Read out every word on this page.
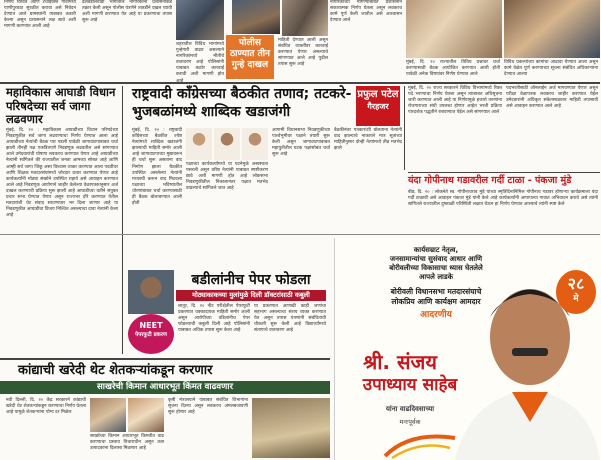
निर्णय घ्यावेत आणि टंचाईग्रस्त गावांमध्ये पाणीपुरवठा सुरळीत करावा असे निवेदन देण्यात आले ग्रामस्थांनी याबाबत तक्रारी केल्या असून प्रशासनाने लक्ष द्यावे अशी मागणी करण्यात आली आहे
ढेलवडीलवाडी भागातील नागरिकांनी प्रशासनाकडे तक्रार केली असून पोलीस यंत्रणेने तातडीने दखल घ्यावी अशी मागणी करण्यात येत आहे या प्रकरणाचा तपास सुरू आहे
शहरातील विविध भागांमध्ये गुन्हेगारी वाढत असल्याने नागरिकांमध्ये भीतीचे वातावरण आहे पोलिसांनी याबाबत कठोर कारवाई करावी अशी मागणी होत
पोलीस ठाण्यात तीन गुन्हे दाखल
माहिती देण्यात आली असून संबंधित व्यक्तींवर कारवाई करण्यात येणार असल्याचे सांगण्यात आले आहे पुढील तपास सुरू आहे
नागरिकांच्या मागण्यांबाबत प्रशासनाने सकारात्मक निर्णय घेतला असून लवकरच कामे पूर्ण केली जातील असे आश्वासन देण्यात आले
मुंबई, दि. २० राज्यातील विविध प्रश्नांवर चर्चा करण्यासाठी बैठक आयोजित करण्यात आली होती यावेळी अनेक विषयांवर निर्णय घेण्यात आले
विविध प्रकल्पांच्या कामांचा आढावा घेण्यात आला असून कामे वेळेत पूर्ण करण्याच्या सूचना संबंधित अधिकाऱ्यांना देण्यात आल्या
महाविकास आघाडी विधान परिषदेच्या सर्व जागा लढवणार
मुंबई, दि. २० : महाविकास आघाडीच्या विधान परिषदेच्या निवडणुकीत सर्व जागा लढवण्याचा निर्णय घेण्यात आला आहे आघाडीच्या नेत्यांची बैठक पार पडली यावेळी जागावाटपाबाबत चर्चा झाली तीनही पक्ष एकत्रितपणे निवडणूक लढवतील असे सांगण्यात आले उमेदवारांची घोषणा लवकरच करण्यात येणार आहे आघाडीच्या नेत्यांनी सांगितले की राज्यातील जनता आमच्या सोबत आहे आणि आम्ही सर्व जागा जिंकू असा विश्वास व्यक्त करण्यात आला पदवीधर आणि शिक्षक मतदारसंघांमध्ये जोरदार प्रचार करण्यात येणार आहे कार्यकर्त्यांनी मोठ्या संख्येने उपस्थित राहावे असे आवाहन करण्यात आले आहे निवडणूक आयोगाने जाहीर केलेल्या वेळापत्रकानुसार अर्ज दाखल करण्याची प्रक्रिया सुरू झाली आहे आघाडीच्या वतीने संयुक्त प्रचार सभा घेण्यात येणार असून राज्यभर दौरे करण्यात येतील मतदारांशी थेट संवाद साधण्यावर भर दिला जाणार आहे या निवडणुकीत आघाडीचा विजय निश्चित असल्याचा दावा नेत्यांनी केला आहे
राष्ट्रवादी कॉंग्रेसच्या बैठकीत तणाव; तटकरे- भुजबळांमध्ये शाब्दिक खडाजंगी
प्रफुल पटेल
गैरहजर
मुंबई, दि. २० : राष्ट्रवादी कॉंग्रेसच्या बैठकीत ज्येष्ठ नेत्यांमध्ये शाब्दिक खडाजंगी झाल्याची माहिती समोर आली आहे जागावाटपाच्या मुद्यावरून ही चर्चा सुरू असताना वाद निर्माण झाला बैठकीत उपस्थित असलेल्या नेत्यांनी मध्यस्थी करून वाद मिटवला पक्षाच्या भविष्यातील धोरणांबाबत चर्चा करण्यासाठी ही बैठक बोलावण्यात आली होती
पक्षाच्या कार्यकर्त्यांमध्ये या घटनेमुळे अस्वस्थता पसरली असून वरिष्ठ नेत्यांनी याबाबत स्पष्टीकरण द्यावे अशी मागणी होत आहे लोकसभा निवडणुकीतील निकालानंतर पक्षात मतभेद वाढल्याचे सांगितले जात आहे
आगामी विधानसभा निवडणुकीच्या पार्श्वभूमीवर पक्षाने तयारी सुरू केली असून जागावाटपाबाबत महायुतीतील घटक पक्षांसोबत चर्चा सुरू आहे
बैठकीनंतर पत्रकारांशी बोलताना नेत्यांनी वाद झाल्याचे नाकारले मात्र सूत्रांच्या माहितीनुसार दोन्ही नेत्यांमध्ये तीव्र मतभेद झाले
मुंबई, दि. २० राज्य सरकारने विविध विभागांमध्ये रिक्त पदे भरण्याचा निर्णय घेतला असून त्याबाबत अधिसूचना जारी करण्यात आली आहे या निर्णयामुळे हजारो तरुणांना रोजगाराच्या संधी उपलब्ध होणार आहेत भरती प्रक्रिया पारदर्शक पद्धतीने राबवण्यात येईल असे सांगण्यात आले
पदभरतीसाठी ऑनलाईन अर्ज मागवण्यात येणार असून परीक्षा वेळापत्रक लवकरच जाहीर करण्यात येईल उमेदवारांनी अधिकृत संकेतस्थळावर माहिती तपासावी असे आवाहन करण्यात आले आहे
यंदा गोपीनाथ गडावरील गर्दी टाळा - पंकजा मुंडे
बीड, दि. २० : लोकनेते स्व. गोपीनाथराव मुंडे यांच्या स्मृतिदिनानिमित्त गोपीनाथ गडावर होणाऱ्या कार्यक्रमाला यंदा गर्दी टाळावी असे आवाहन पंकजा मुंडे यांनी केले आहे कार्यकर्त्यांनी आपापल्या गावात अभिवादन करावे असे त्यांनी सांगितले राज्यातील दुष्काळी परिस्थिती लक्षात घेऊन हा निर्णय घेण्यात आल्याचे त्यांनी स्पष्ट केले
बडीलांनीच पेपर फोडला
मोठ्याकाकच्या मुलांमुळे दिली डॉक्टरांसाठी कबुली
NEET
पेपरफुटी प्रकरण
लातूर, दि. २० नीट परीक्षेतील पेपरफुटी प्रकरणात धक्कादायक माहिती समोर आली असून आरोपीच्या वडिलांनीच पेपर फोडल्याची कबुली दिली आहे पोलिसांनी याबाबत अधिक तपास सुरू केला आहे
या प्रकरणात आणखी काही जणांचा सहभाग असल्याचा संशय व्यक्त करण्यात येत असून तपास यंत्रणांनी संबंधितांची चौकशी सुरू केली आहे विद्यार्थ्यांमध्ये संतापाचे वातावरण आहे
कांद्याची खरेदी थेट शेतकऱ्यांकडून करणार
साखरेची किमान आधारभूत किंमत वाढवणार
नवी दिल्ली, दि. २० केंद्र सरकारने कांद्याची खरेदी थेट शेतकऱ्यांकडून करण्याचा निर्णय घेतला आहे यामुळे शेतकऱ्यांना योग्य दर मिळेल
साखरेच्या किमान आधारभूत किमतीत वाढ करण्याचा प्रस्ताव विचाराधीन असून ऊस उत्पादकांना दिलासा मिळणार आहे
कृषी मंत्रालयाने याबाबत संबंधित विभागांना सूचना दिल्या असून लवकरच अंमलबजावणी सुरू होणार आहे
कार्यसम्राट नेतृत्व,
जनसामान्यांचा सुसंवाद आधार आणि
बोरीवलीच्या विकासाचा ध्यास घेतलेले
आपले लाडके
बोरीवली विधानसभा मतदारसंघाचे
लोकप्रिय आणि कार्यक्षम आमदार
आदरणीय
श्री. संजय
उपाध्याय साहेब
यांना वाढदिवसाच्या
मनःपूर्वक
२८
मे
